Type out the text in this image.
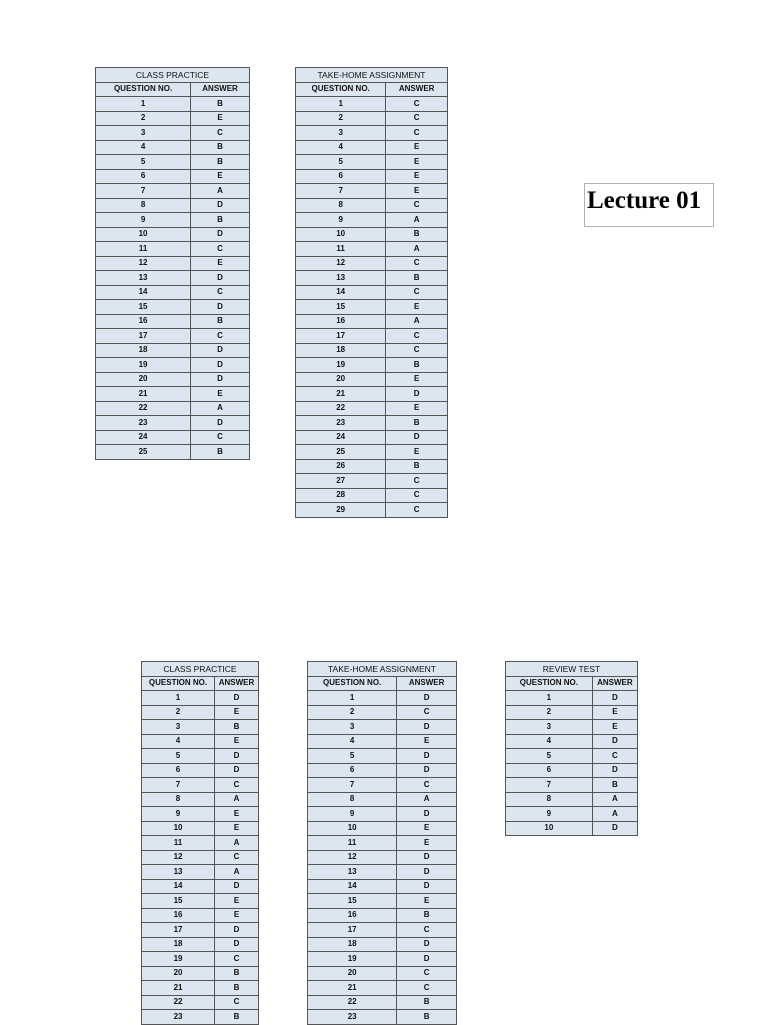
CLASS PRACTICE	
QUESTION NO.	ANSWER
1	B
2	E
3	C
4	B
5	B
6	E
7	A
8	D
9	B
10	D
11	C
12	E
13	D
14	C
15	D
16	B
17	C
18	D
19	D
20	D
21	E
22	A
23	D
24	C
25	B
TAKE-HOME ASSIGNMENT	
QUESTION NO.	ANSWER
1	C
2	C
3	C
4	E
5	E
6	E
7	E
8	C
9	A
10	B
11	A
12	C
13	B
14	C
15	E
16	A
17	C
18	C
19	B
20	E
21	D
22	E
23	B
24	D
25	E
26	B
27	C
28	C
29	C
CLASS PRACTICE	
QUESTION NO.	ANSWER
1	D
2	E
3	B
4	E
5	D
6	D
7	C
8	A
9	E
10	E
11	A
12	C
13	A
14	D
15	E
16	E
17	D
18	D
19	C
20	B
21	B
22	C
23	B
TAKE-HOME ASSIGNMENT	
QUESTION NO.	ANSWER
1	D
2	C
3	D
4	E
5	D
6	D
7	C
8	A
9	D
10	E
11	E
12	D
13	D
14	D
15	E
16	B
17	C
18	D
19	D
20	C
21	C
22	B
23	B
REVIEW TEST	
QUESTION NO.	ANSWER
1	D
2	E
3	E
4	D
5	C
6	D
7	B
8	A
9	A
10	D
Lecture 01
